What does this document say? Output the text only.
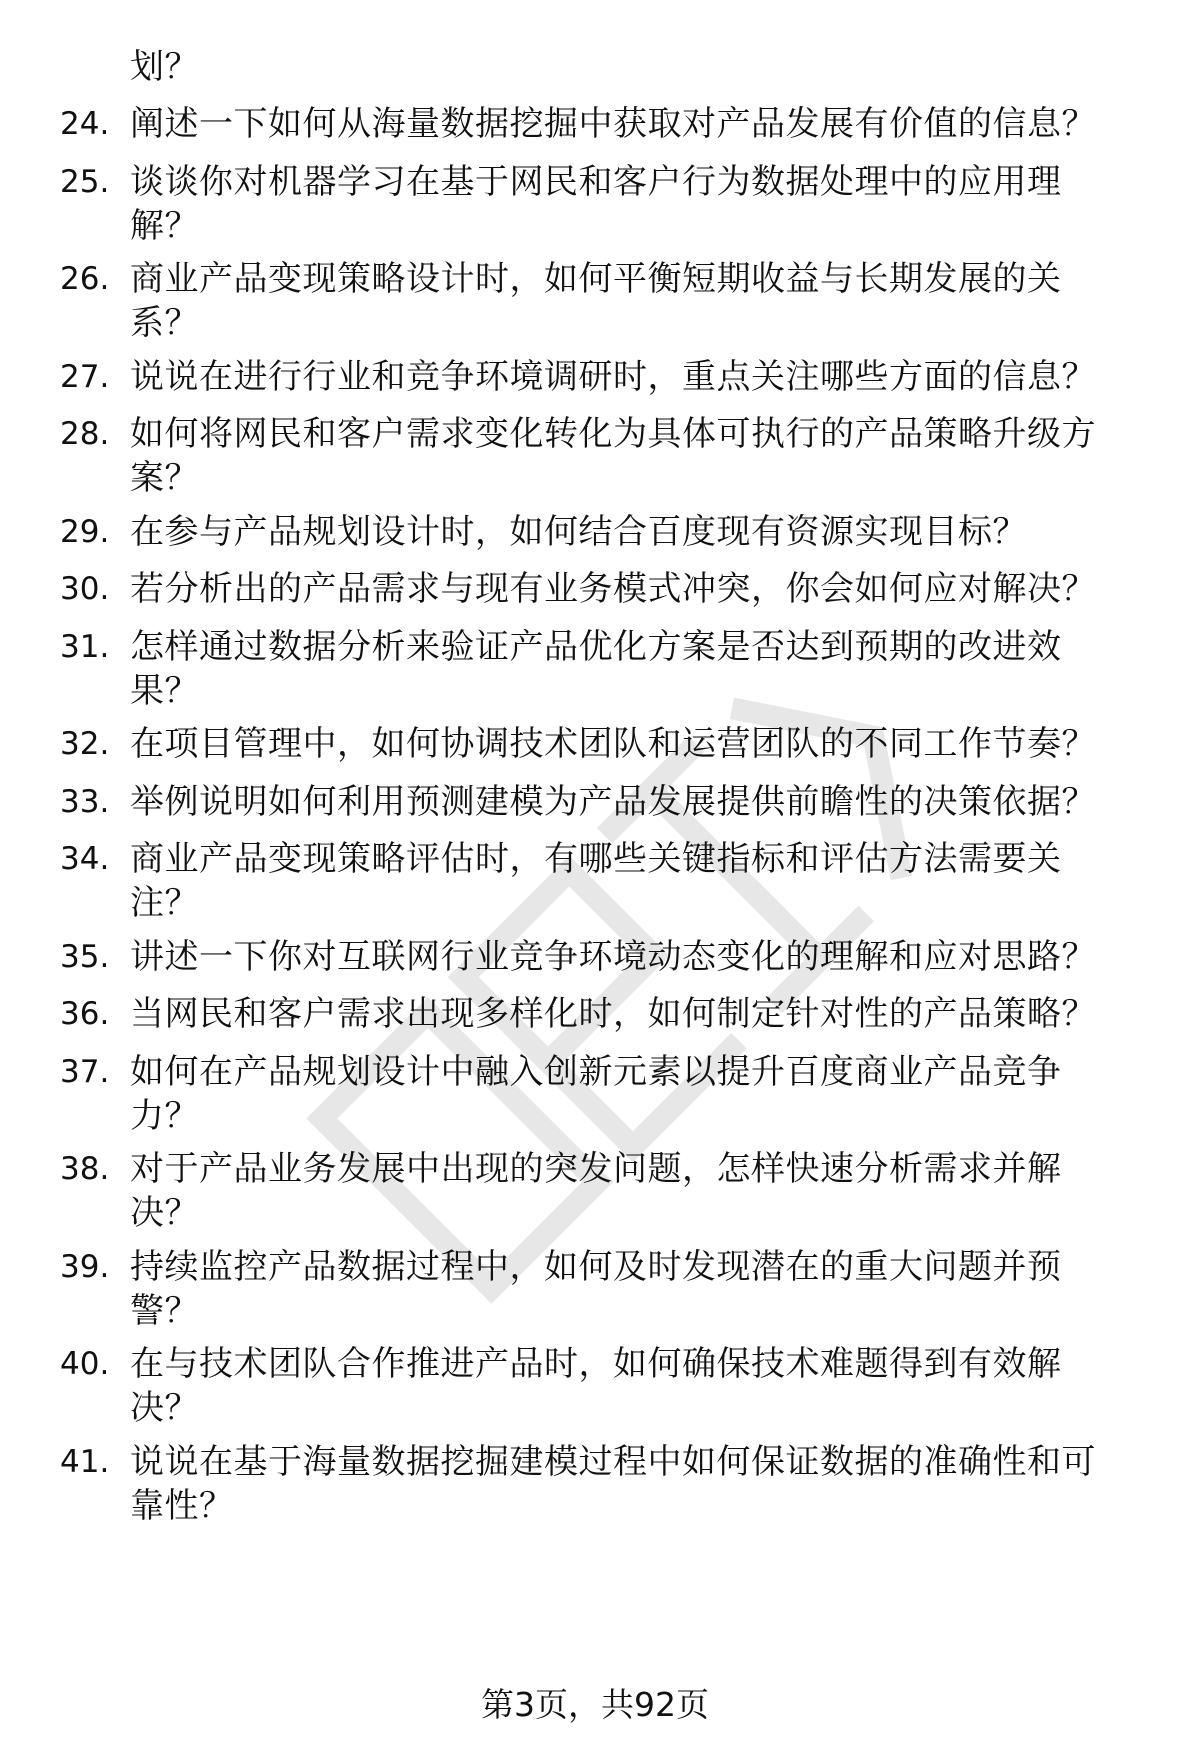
划？
24. 阐述一下如何从海量数据挖掘中获取对产品发展有价值的信息？
25. 谈谈你对机器学习在基于网民和客户行为数据处理中的应用理
解？
26. 商业产品变现策略设计时，如何平衡短期收益与长期发展的关
系？
27. 说说在进行行业和竞争环境调研时，重点关注哪些方面的信息？
28. 如何将网民和客户需求变化转化为具体可执行的产品策略升级方
案？
29. 在参与产品规划设计时，如何结合百度现有资源实现目标？
30. 若分析出的产品需求与现有业务模式冲突，你会如何应对解决？
31. 怎样通过数据分析来验证产品优化方案是否达到预期的改进效
果？
32. 在项目管理中，如何协调技术团队和运营团队的不同工作节奏？
33. 举例说明如何利用预测建模为产品发展提供前瞻性的决策依据？
34. 商业产品变现策略评估时，有哪些关键指标和评估方法需要关
注？
35. 讲述一下你对互联网行业竞争环境动态变化的理解和应对思路？
36. 当网民和客户需求出现多样化时，如何制定针对性的产品策略？
37. 如何在产品规划设计中融入创新元素以提升百度商业产品竞争
力？
38. 对于产品业务发展中出现的突发问题，怎样快速分析需求并解
决？
39. 持续监控产品数据过程中，如何及时发现潜在的重大问题并预
警？
40. 在与技术团队合作推进产品时，如何确保技术难题得到有效解
决？
41. 说说在基于海量数据挖掘建模过程中如何保证数据的准确性和可
靠性？
第3页，共92页
